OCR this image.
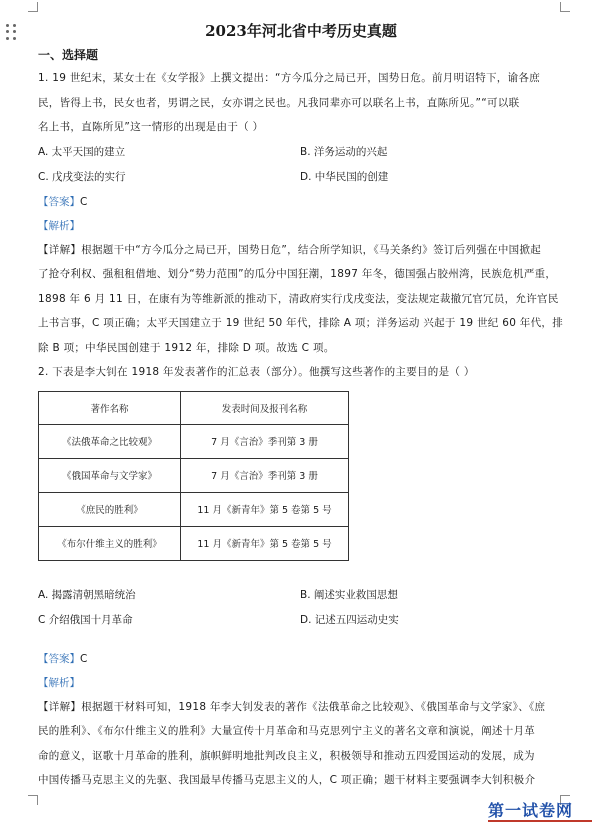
2023年河北省中考历史真题
一、选择题
1. 19 世纪末，某女士在《女学报》上撰文提出：“方今瓜分之局已开，国势日危。前月明诏特下，谕各庶
民，皆得上书，民女也者，男谓之民，女亦谓之民也。凡我同辈亦可以联名上书，直陈所见。”“可以联
名上书，直陈所见”这一情形的出现是由于（ ）
A. 太平天国的建立	B. 洋务运动的兴起
C. 戊戌变法的实行	D. 中华民国的创建
【答案】C
【解析】
【详解】根据题干中“方今瓜分之局已开，国势日危”，结合所学知识，《马关条约》签订后列强在中国掀起
了抢夺利权、强租租借地、划分“势力范围”的瓜分中国狂潮，1897 年冬，德国强占胶州湾，民族危机严重，
1898 年 6 月 11 日，在康有为等维新派的推动下，清政府实行戊戌变法，变法规定裁撤冗官冗员，允许官民
上书言事，C 项正确；太平天国建立于 19 世纪 50 年代，排除 A 项；洋务运动 兴起于 19 世纪 60 年代，排
除 B 项；中华民国创建于 1912 年，排除 D 项。故选 C 项。
2. 下表是李大钊在 1918 年发表著作的汇总表（部分）。他撰写这些著作的主要目的是（ ）
著作名称	发表时间及报刊名称
《法俄革命之比较观》	7 月《言治》季刊第 3 册
《俄国革命与文学家》	7 月《言治》季刊第 3 册
《庶民的胜利》	11 月《新青年》第 5 卷第 5 号
《布尔什维主义的胜利》	11 月《新青年》第 5 卷第 5 号
A. 揭露清朝黑暗统治	B. 阐述实业救国思想
C 介绍俄国十月革命	D. 记述五四运动史实
【答案】C
【解析】
【详解】根据题干材料可知，1918 年李大钊发表的著作《法俄革命之比较观》、《俄国革命与文学家》、《庶
民的胜利》、《布尔什维主义的胜利》大量宣传十月革命和马克思列宁主义的著名文章和演说，阐述十月革
命的意义，讴歌十月革命的胜利，旗帜鲜明地批判改良主义，积极领导和推动五四爱国运动的发展，成为
中国传播马克思主义的先驱、我国最早传播马克思主义的人，C 项正确；题干材料主要强调李大钊积极介
第一试卷网
